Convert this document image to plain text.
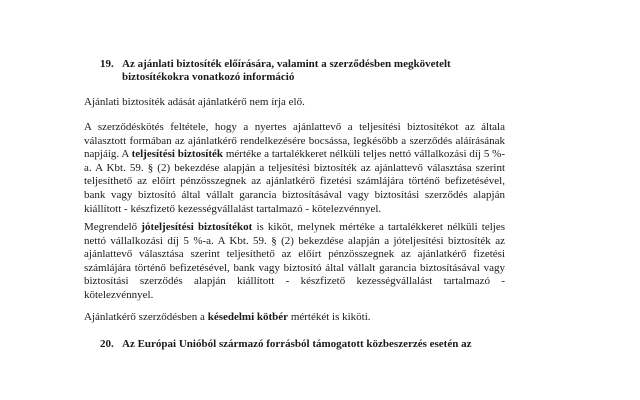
19. Az ajánlati biztosíték előírására, valamint a szerződésben megkövetelt
biztosítékokra vonatkozó információ
Ajánlati biztosíték adását ajánlatkérő nem írja elő.
A szerződéskötés feltétele, hogy a nyertes ajánlattevő a teljesítési biztosítékot az általa választott formában az ajánlatkérő rendelkezésére bocsássa, legkésőbb a szerződés aláírásának napjáig. A teljesítési biztosíték mértéke a tartalékkeret nélküli teljes nettó vállalkozási díj 5 %-a. A Kbt. 59. § (2) bekezdése alapján a teljesítési biztosíték az ajánlattevő választása szerint teljesíthető az előírt pénzösszegnek az ajánlatkérő fizetési számlájára történő befizetésével, bank vagy biztosító által vállalt garancia biztosításával vagy biztosítási szerződés alapján kiállított - készfizető kezességvállalást tartalmazó - kötelezvénnyel.
Megrendelő jóteljesítési biztosítékot is kiköt, melynek mértéke a tartalékkeret nélküli teljes nettó vállalkozási díj 5 %-a. A Kbt. 59. § (2) bekezdése alapján a jóteljesítési biztosíték az ajánlattevő választása szerint teljesíthető az előírt pénzösszegnek az ajánlatkérő fizetési számlájára történő befizetésével, bank vagy biztosító által vállalt garancia biztosításával vagy biztosítási szerződés alapján kiállított - készfizető kezességvállalást tartalmazó - kötelezvénnyel.
Ajánlatkérő szerződésben a késedelmi kötbér mértékét is kiköti.
20. Az Európai Unióból származó forrásból támogatott közbeszerzés esetén az
